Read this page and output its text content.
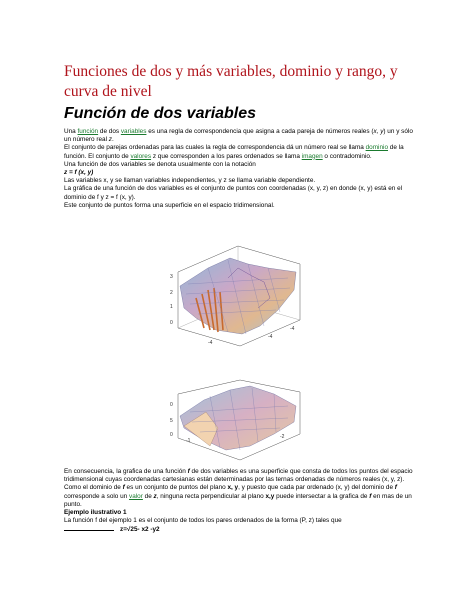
Funciones de dos y más variables, dominio y rango, y curva de nivel
Función de dos variables

Una función de dos variables es una regla de correspondencia que asigna a cada pareja de números reales (x, y) un y sólo un número real z.

El conjunto de parejas ordenadas para las cuales la regla de correspondencia dá un número real se llama dominio de la función. El conjunto de valores z que corresponden a los pares ordenados se llama imagen o contradominio.

Una función de dos variables se denota usualmente con la notación

z = f (x, y)

Las variables x, y se llaman variables independientes, y z se llama variable dependiente.

La gráfica de una función de dos variables es el conjunto de puntos con coordenadas (x, y, z) en donde (x, y) está en el dominio de f y z = f (x, y).

Este conjunto de puntos forma una superficie en el espacio tridimensional.

3
2
1
0
-4
-4
-4
0
5
0
-1
-2

En consecuencia, la grafica de una función f de dos variables es una superficie que consta de todos los puntos del espacio tridimensional cuyas coordenadas cartesianas están determinadas por las ternas ordenadas de números reales (x, y, z). Como el dominio de f es un conjunto de puntos del plano x, y, y puesto que cada par ordenado (x, y) del dominio de f corresponde a solo un valor de z, ninguna recta perpendicular al plano x,y puede intersectar a la grafica de f en mas de un punto.

Ejemplo ilustrativo 1

La función f del ejemplo 1 es el conjunto de todos los pares ordenados de la forma (P, z) tales que

z=√25- x2 -y2
